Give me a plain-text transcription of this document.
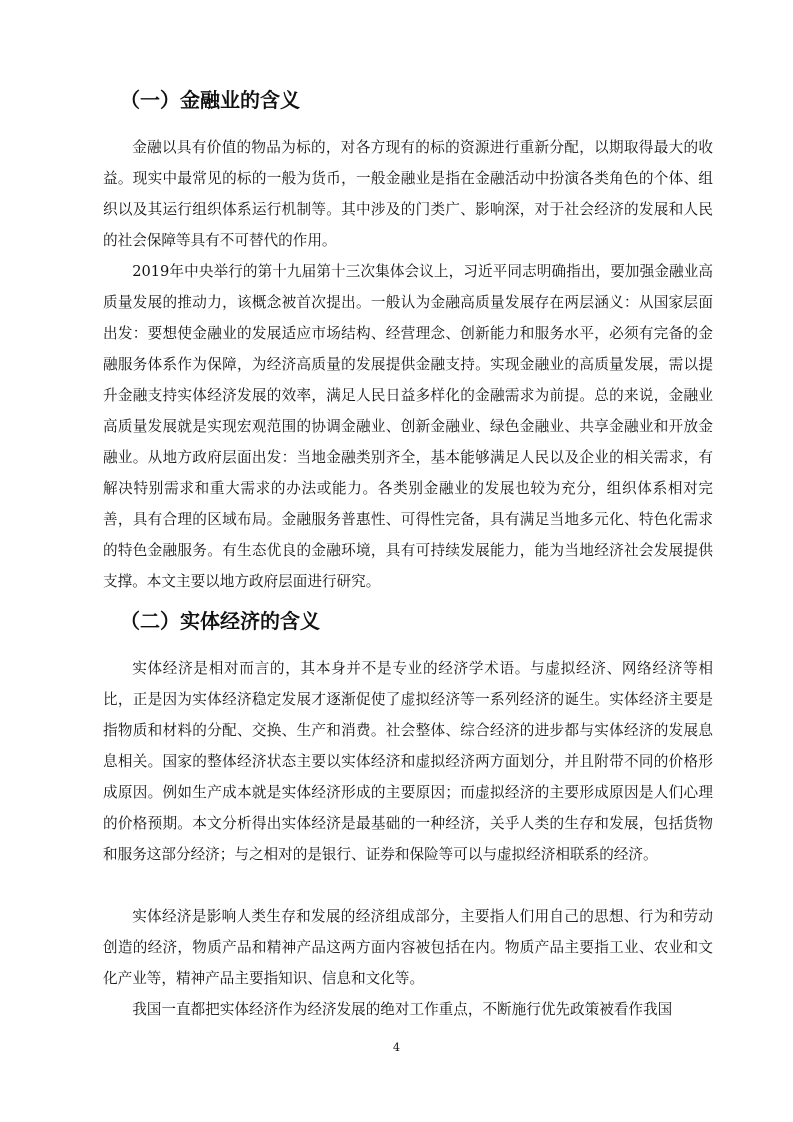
（一）金融业的含义

金融以具有价值的物品为标的，对各方现有的标的资源进行重新分配，以期取得最大的收益。现实中最常见的标的一般为货币，一般金融业是指在金融活动中扮演各类角色的个体、组织以及其运行组织体系运行机制等。其中涉及的门类广、影响深，对于社会经济的发展和人民的社会保障等具有不可替代的作用。

2019年中央举行的第十九届第十三次集体会议上，习近平同志明确指出，要加强金融业高质量发展的推动力，该概念被首次提出。一般认为金融高质量发展存在两层涵义：从国家层面出发：要想使金融业的发展适应市场结构、经营理念、创新能力和服务水平，必须有完备的金融服务体系作为保障，为经济高质量的发展提供金融支持。实现金融业的高质量发展，需以提升金融支持实体经济发展的效率，满足人民日益多样化的金融需求为前提。总的来说，金融业高质量发展就是实现宏观范围的协调金融业、创新金融业、绿色金融业、共享金融业和开放金融业。从地方政府层面出发：当地金融类别齐全，基本能够满足人民以及企业的相关需求，有解决特别需求和重大需求的办法或能力。各类别金融业的发展也较为充分，组织体系相对完善，具有合理的区域布局。金融服务普惠性、可得性完备，具有满足当地多元化、特色化需求的特色金融服务。有生态优良的金融环境，具有可持续发展能力，能为当地经济社会发展提供支撑。本文主要以地方政府层面进行研究。

（二）实体经济的含义

实体经济是相对而言的，其本身并不是专业的经济学术语。与虚拟经济、网络经济等相比，正是因为实体经济稳定发展才逐渐促使了虚拟经济等一系列经济的诞生。实体经济主要是指物质和材料的分配、交换、生产和消费。社会整体、综合经济的进步都与实体经济的发展息息相关。国家的整体经济状态主要以实体经济和虚拟经济两方面划分，并且附带不同的价格形成原因。例如生产成本就是实体经济形成的主要原因；而虚拟经济的主要形成原因是人们心理的价格预期。本文分析得出实体经济是最基础的一种经济，关乎人类的生存和发展，包括货物和服务这部分经济；与之相对的是银行、证券和保险等可以与虚拟经济相联系的经济。

实体经济是影响人类生存和发展的经济组成部分，主要指人们用自己的思想、行为和劳动创造的经济，物质产品和精神产品这两方面内容被包括在内。物质产品主要指工业、农业和文化产业等，精神产品主要指知识、信息和文化等。

我国一直都把实体经济作为经济发展的绝对工作重点，不断施行优先政策被看作我国

4
